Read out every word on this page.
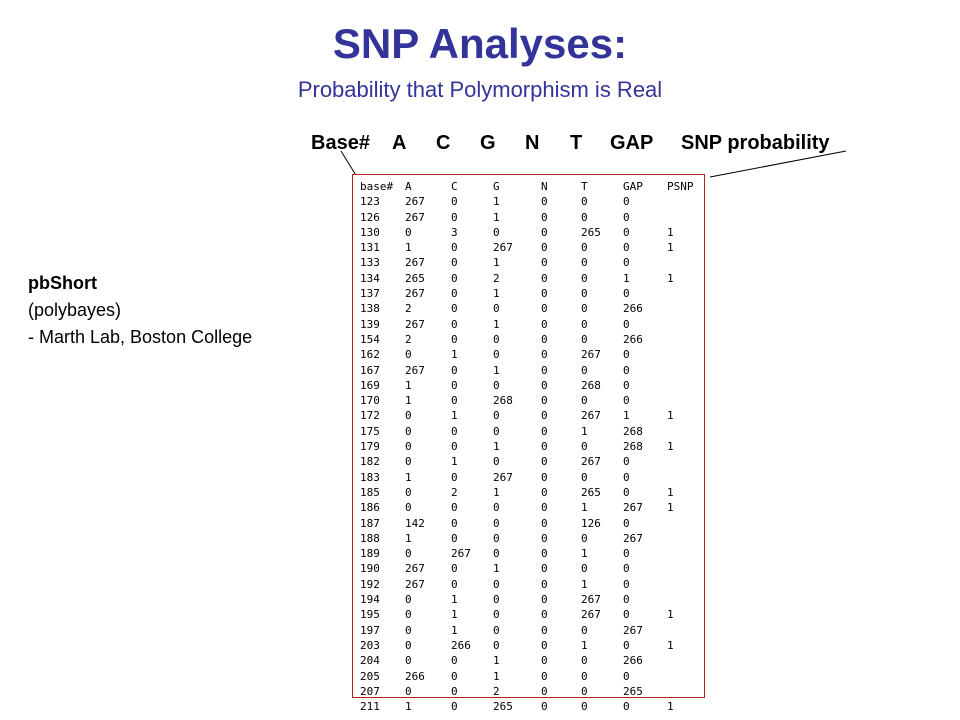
SNP Analyses:
Probability that Polymorphism is Real
Base# A C G N T GAP SNP probability
pbShort
(polybayes)
- Marth Lab, Boston College
base#	A	C	G	N	T	GAP	PSNP
123	267	0	1	0	0	0	
126	267	0	1	0	0	0	
130	0	3	0	0	265	0	1
131	1	0	267	0	0	0	1
133	267	0	1	0	0	0	
134	265	0	2	0	0	1	1
137	267	0	1	0	0	0	
138	2	0	0	0	0	266	
139	267	0	1	0	0	0	
154	2	0	0	0	0	266	
162	0	1	0	0	267	0	
167	267	0	1	0	0	0	
169	1	0	0	0	268	0	
170	1	0	268	0	0	0	
172	0	1	0	0	267	1	1
175	0	0	0	0	1	268	
179	0	0	1	0	0	268	1
182	0	1	0	0	267	0	
183	1	0	267	0	0	0	
185	0	2	1	0	265	0	1
186	0	0	0	0	1	267	1
187	142	0	0	0	126	0	
188	1	0	0	0	0	267	
189	0	267	0	0	1	0	
190	267	0	1	0	0	0	
192	267	0	0	0	1	0	
194	0	1	0	0	267	0	
195	0	1	0	0	267	0	1
197	0	1	0	0	0	267	
203	0	266	0	0	1	0	1
204	0	0	1	0	0	266	
205	266	0	1	0	0	0	
207	0	0	2	0	0	265	
211	1	0	265	0	0	0	1
